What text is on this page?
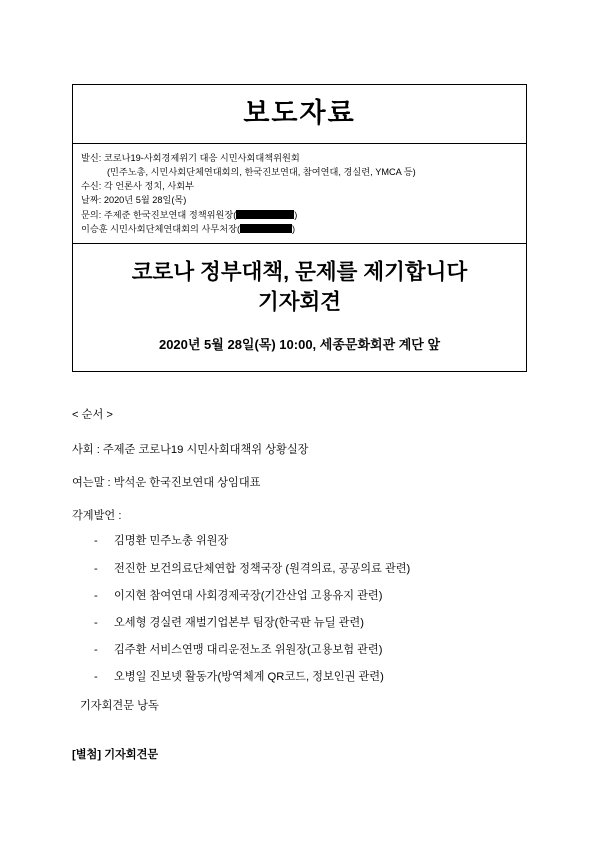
보도자료
발신: 코로나19-사회경제위기 대응 시민사회대책위원회
(민주노총, 시민사회단체연대회의, 한국진보연대, 참여연대, 경실련, YMCA 등)
수신: 각 언론사 정치, 사회부
날짜: 2020년 5월 28일(목)
문의: 주제준 한국진보연대 정책위원장(	)
이승훈 시민사회단체연대회의 사무처장(	)
코로나 정부대책, 문제를 제기합니다
기자회견
2020년 5월 28일(목) 10:00, 세종문화회관 계단 앞
< 순서 >
사회 : 주제준 코로나19 시민사회대책위 상황실장
여는말 : 박석운 한국진보연대 상임대표
각계발언 :
- 김명환 민주노총 위원장
- 전진한 보건의료단체연합 정책국장 (원격의료, 공공의료 관련)
- 이지현 참여연대 사회경제국장(기간산업 고용유지 관련)
- 오세형 경실련 재벌기업본부 팀장(한국판 뉴딜 관련)
- 김주환 서비스연맹 대리운전노조 위원장(고용보험 관련)
- 오병일 진보넷 활동가(방역체계 QR코드, 정보인권 관련)
기자회견문 낭독
[별첨] 기자회견문
